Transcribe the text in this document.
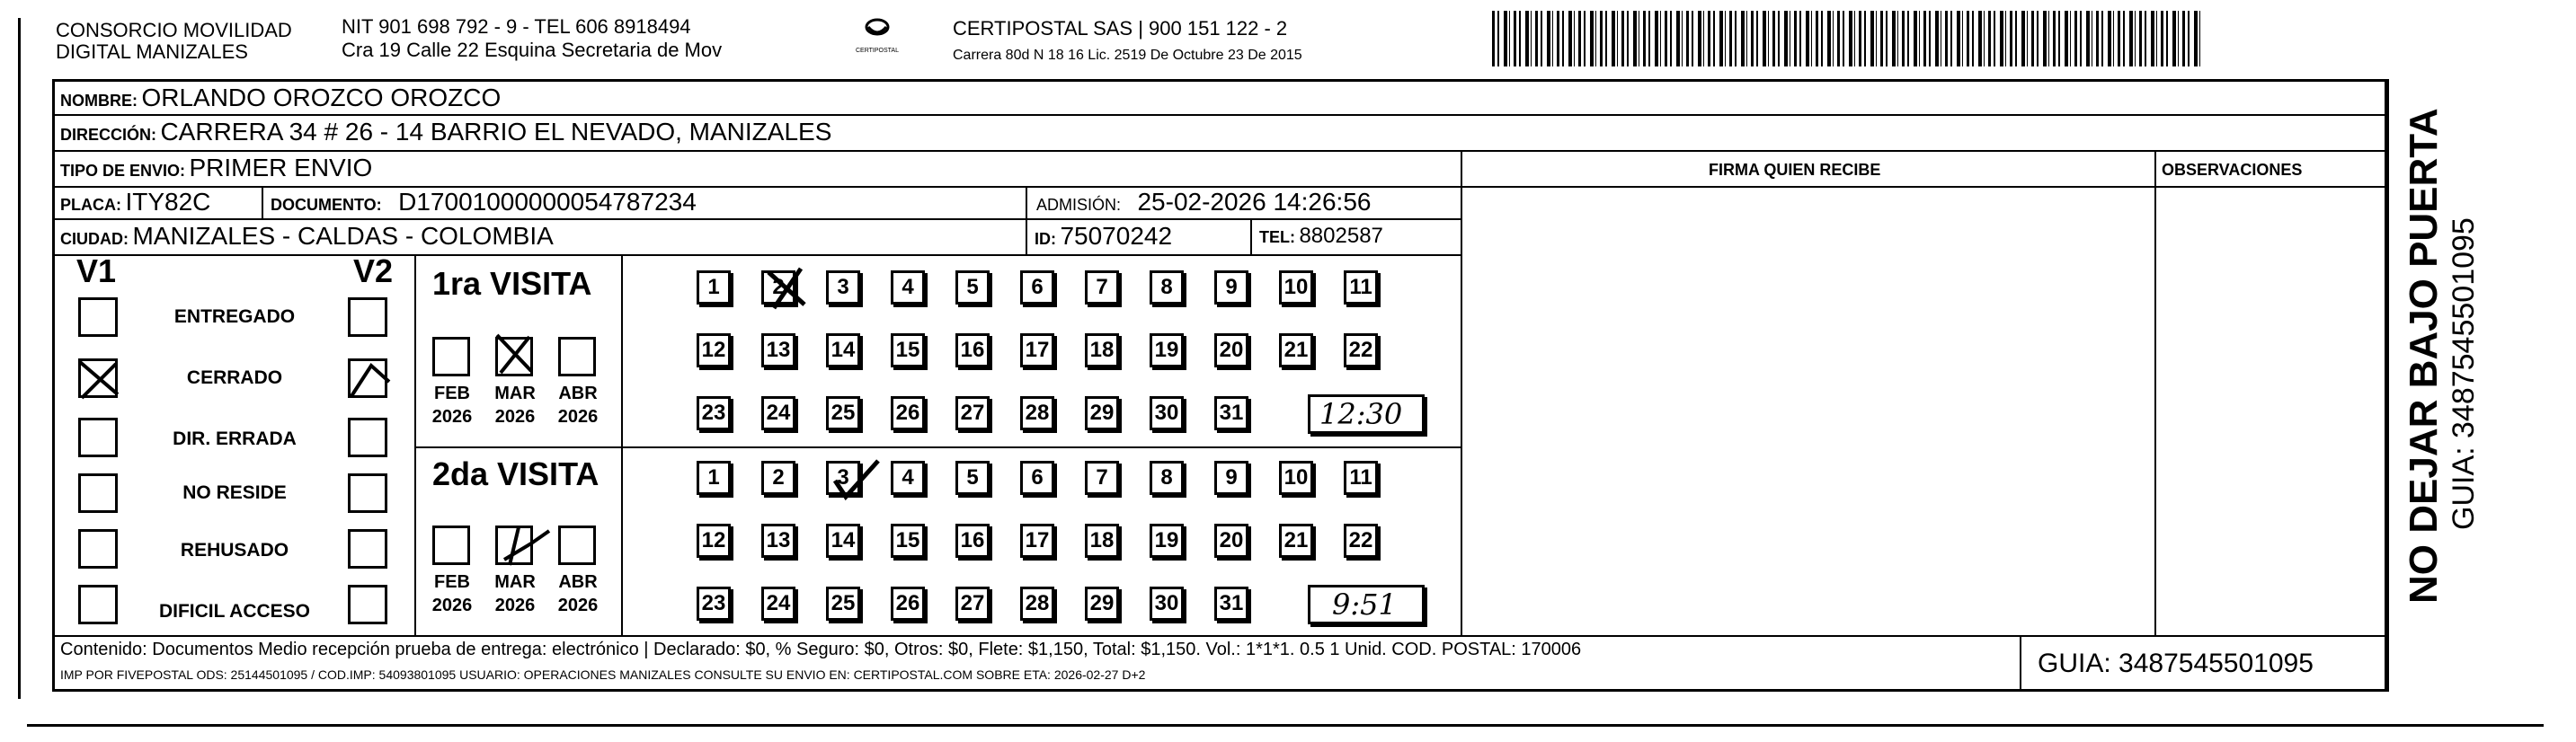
CONSORCIO MOVILIDAD
DIGITAL MANIZALES
NIT 901 698 792 - 9 - TEL 606 8918494
Cra 19 Calle 22 Esquina Secretaria de Mov	CERTIPOSTAL
CERTIPOSTAL SAS | 900 151 122 - 2
Carrera 80d N 18 16 Lic. 2519 De Octubre 23 De 2015
NOMBRE: ORLANDO OROZCO OROZCO
DIRECCIÓN: CARRERA 34 # 26 - 14 BARRIO EL NEVADO, MANIZALES
TIPO DE ENVIO: PRIMER ENVIO	FIRMA QUIEN RECIBE	OBSERVACIONES
PLACA: ITY82C	DOCUMENTO: D17001000000054787234	ADMISIÓN: 25-02-2026 14:26:56
CIUDAD: MANIZALES - CALDAS - COLOMBIA	ID: 75070242	TEL: 8802587
V1	V2
ENTREGADO
CERRADO
DIR. ERRADA
NO RESIDE
REHUSADO
DIFICIL ACCESO
1ra VISITA
FEB
2026
MAR
2026
ABR
2026
2da VISITA
FEB
2026
MAR
2026
ABR
2026
1	2	3	4	5	6	7	8	9	10 11
12 13 14 15 16 17 18 19 20 21 22
23 24 25 26 27 28 29 30 31
1	2	3	4	5	6	7	8	9	10 11
12 13 14 15 16 17 18 19 20 21 22
23 24 25 26 27 28 29 30 31
12:30
9:51
Contenido: Documentos Medio recepción prueba de entrega: electrónico | Declarado: $0, % Seguro: $0, Otros: $0, Flete: $1,150, Total: $1,150. Vol.: 1*1*1. 0.5 1 Unid. COD. POSTAL: 170006
IMP POR FIVEPOSTAL ODS: 25144501095 / COD.IMP: 54093801095 USUARIO: OPERACIONES MANIZALES CONSULTE SU ENVIO EN: CERTIPOSTAL.COM SOBRE ETA: 2026-02-27 D+2	GUIA: 3487545501095
NO DEJAR BAJO PUERTA GUIA: 3487545501095
